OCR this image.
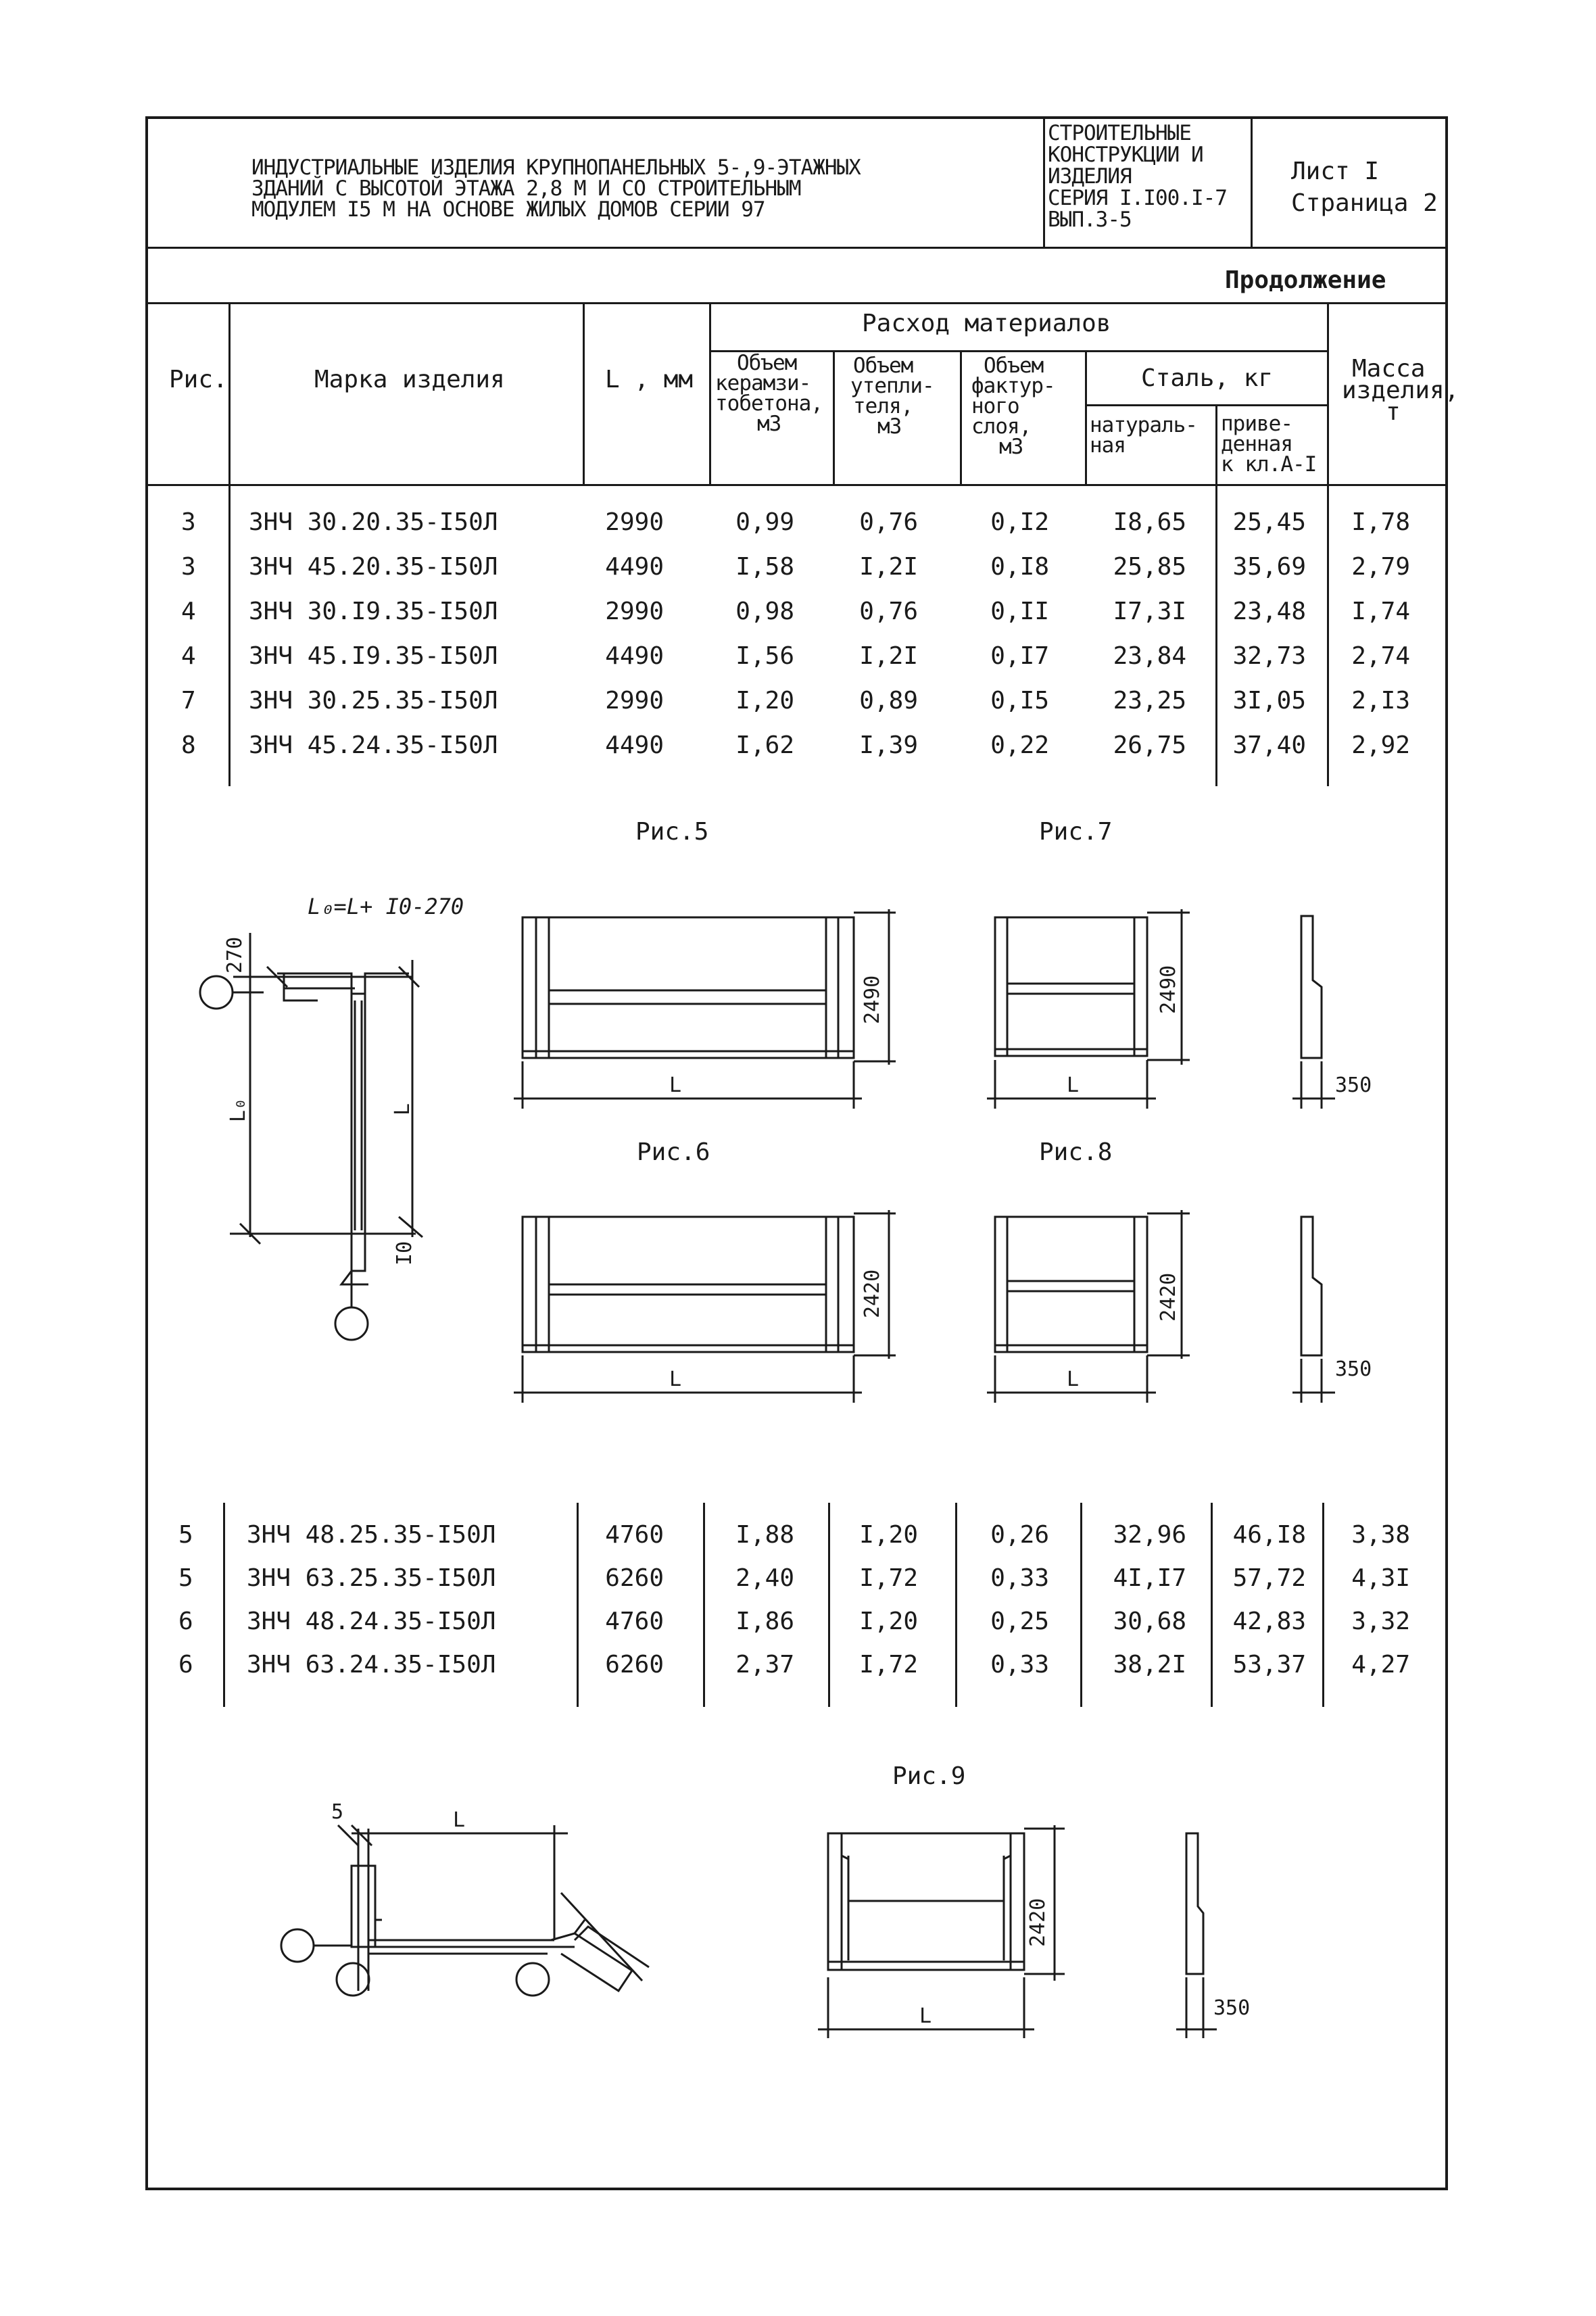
ИНДУСТРИАЛЬНЫЕ ИЗДЕЛИЯ КРУПНОПАНЕЛЬНЫХ 5-,9-ЭТАЖНЫХ
ЗДАНИЙ С ВЫСОТОЙ ЭТАЖА 2,8 М И СО СТРОИТЕЛЬНЫМ
МОДУЛЕМ I5 М НА ОСНОВЕ ЖИЛЫХ ДОМОВ СЕРИИ 97
СТРОИТЕЛЬНЫЕ
КОНСТРУКЦИИ И
ИЗДЕЛИЯ
СЕРИЯ I.I00.I-7
ВЫП.3-5
Лист I
Страница 2
Продолжение
Рис.	Марка изделия	L , мм
Расход материалов
Объем
керамзи-
тобетона,
м3
Объем
утепли-
теля,
м3
Объем
фактур-
ного
слоя,
м3
Сталь, кг
натураль-
ная
приве-
денная
к кл.А-I
Масса
изделия,
т
3 ЗНЧ 30.20.35-I50Л	2990	0,99	0,76	0,I2	I8,65 25,45 I,78
3 ЗНЧ 45.20.35-I50Л	4490	I,58	I,2I	0,I8	25,85 35,69 2,79
4 ЗНЧ 30.I9.35-I50Л	2990	0,98	0,76	0,II	I7,3I 23,48 I,74
4 ЗНЧ 45.I9.35-I50Л	4490	I,56	I,2I	0,I7	23,84 32,73 2,74
7 ЗНЧ 30.25.35-I50Л	2990	I,20	0,89	0,I5	23,25 3I,05 2,I3
8 ЗНЧ 45.24.35-I50Л	4490	I,62	I,39	0,22	26,75 37,40 2,92
5 ЗНЧ 48.25.35-I50Л	4760	I,88	I,20	0,26	32,96 46,I8 3,38
5 ЗНЧ 63.25.35-I50Л	6260	2,40	I,72	0,33	4I,I7 57,72 4,3I
6 ЗНЧ 48.24.35-I50Л	4760	I,86	I,20	0,25	30,68 42,83 3,32
6 ЗНЧ 63.24.35-I50Л	6260	2,37	I,72	0,33	38,2I 53,37 4,27
Рис.5	Рис.7
Рис.6	Рис.8
Рис.9
L₀=L+ I0-270
270
L₀	L
I0
2490
L
2490
L	350
2420
L
2420
L	350
5	L
2420
L	350
